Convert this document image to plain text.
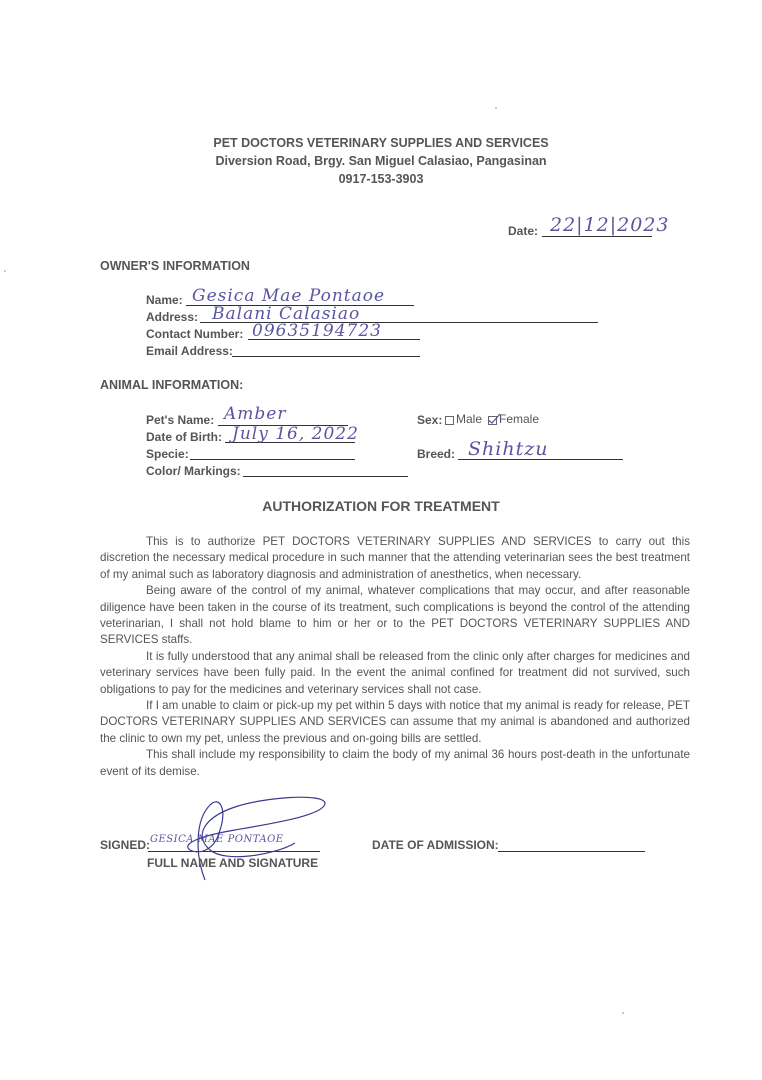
PET DOCTORS VETERINARY SUPPLIES AND SERVICES
Diversion Road, Brgy. San Miguel Calasiao, Pangasinan
0917-153-3903
Date: 22|12|2023
OWNER'S INFORMATION
Name: Gesica Mae Pontaoe
Address: Balani Calasiao
Contact Number: 09635194723
Email Address:
ANIMAL INFORMATION:
Pet's Name: Amber
Date of Birth: July 16, 2022
Specie:
Color/ Markings:
Sex: Male Female
Breed: Shihtzu
AUTHORIZATION FOR TREATMENT

This is to authorize PET DOCTORS VETERINARY SUPPLIES AND SERVICES to carry out this discretion the necessary medical procedure in such manner that the attending veterinarian sees the best treatment of my animal such as laboratory diagnosis and administration of anesthetics, when necessary.

Being aware of the control of my animal, whatever complications that may occur, and after reasonable diligence have been taken in the course of its treatment, such complications is beyond the control of the attending veterinarian, I shall not hold blame to him or her or to the PET DOCTORS VETERINARY SUPPLIES AND SERVICES staffs.

It is fully understood that any animal shall be released from the clinic only after charges for medicines and veterinary services have been fully paid. In the event the animal confined for treatment did not survived, such obligations to pay for the medicines and veterinary services shall not case.

If I am unable to claim or pick-up my pet within 5 days with notice that my animal is ready for release, PET DOCTORS VETERINARY SUPPLIES AND SERVICES can assume that my animal is abandoned and authorized the clinic to own my pet, unless the previous and on-going bills are settled.

This shall include my responsibility to claim the body of my animal 36 hours post-death in the unfortunate event of its demise.

SIGNED: GESICA MAE PONTAOE
FULL NAME AND SIGNATURE
DATE OF ADMISSION:
